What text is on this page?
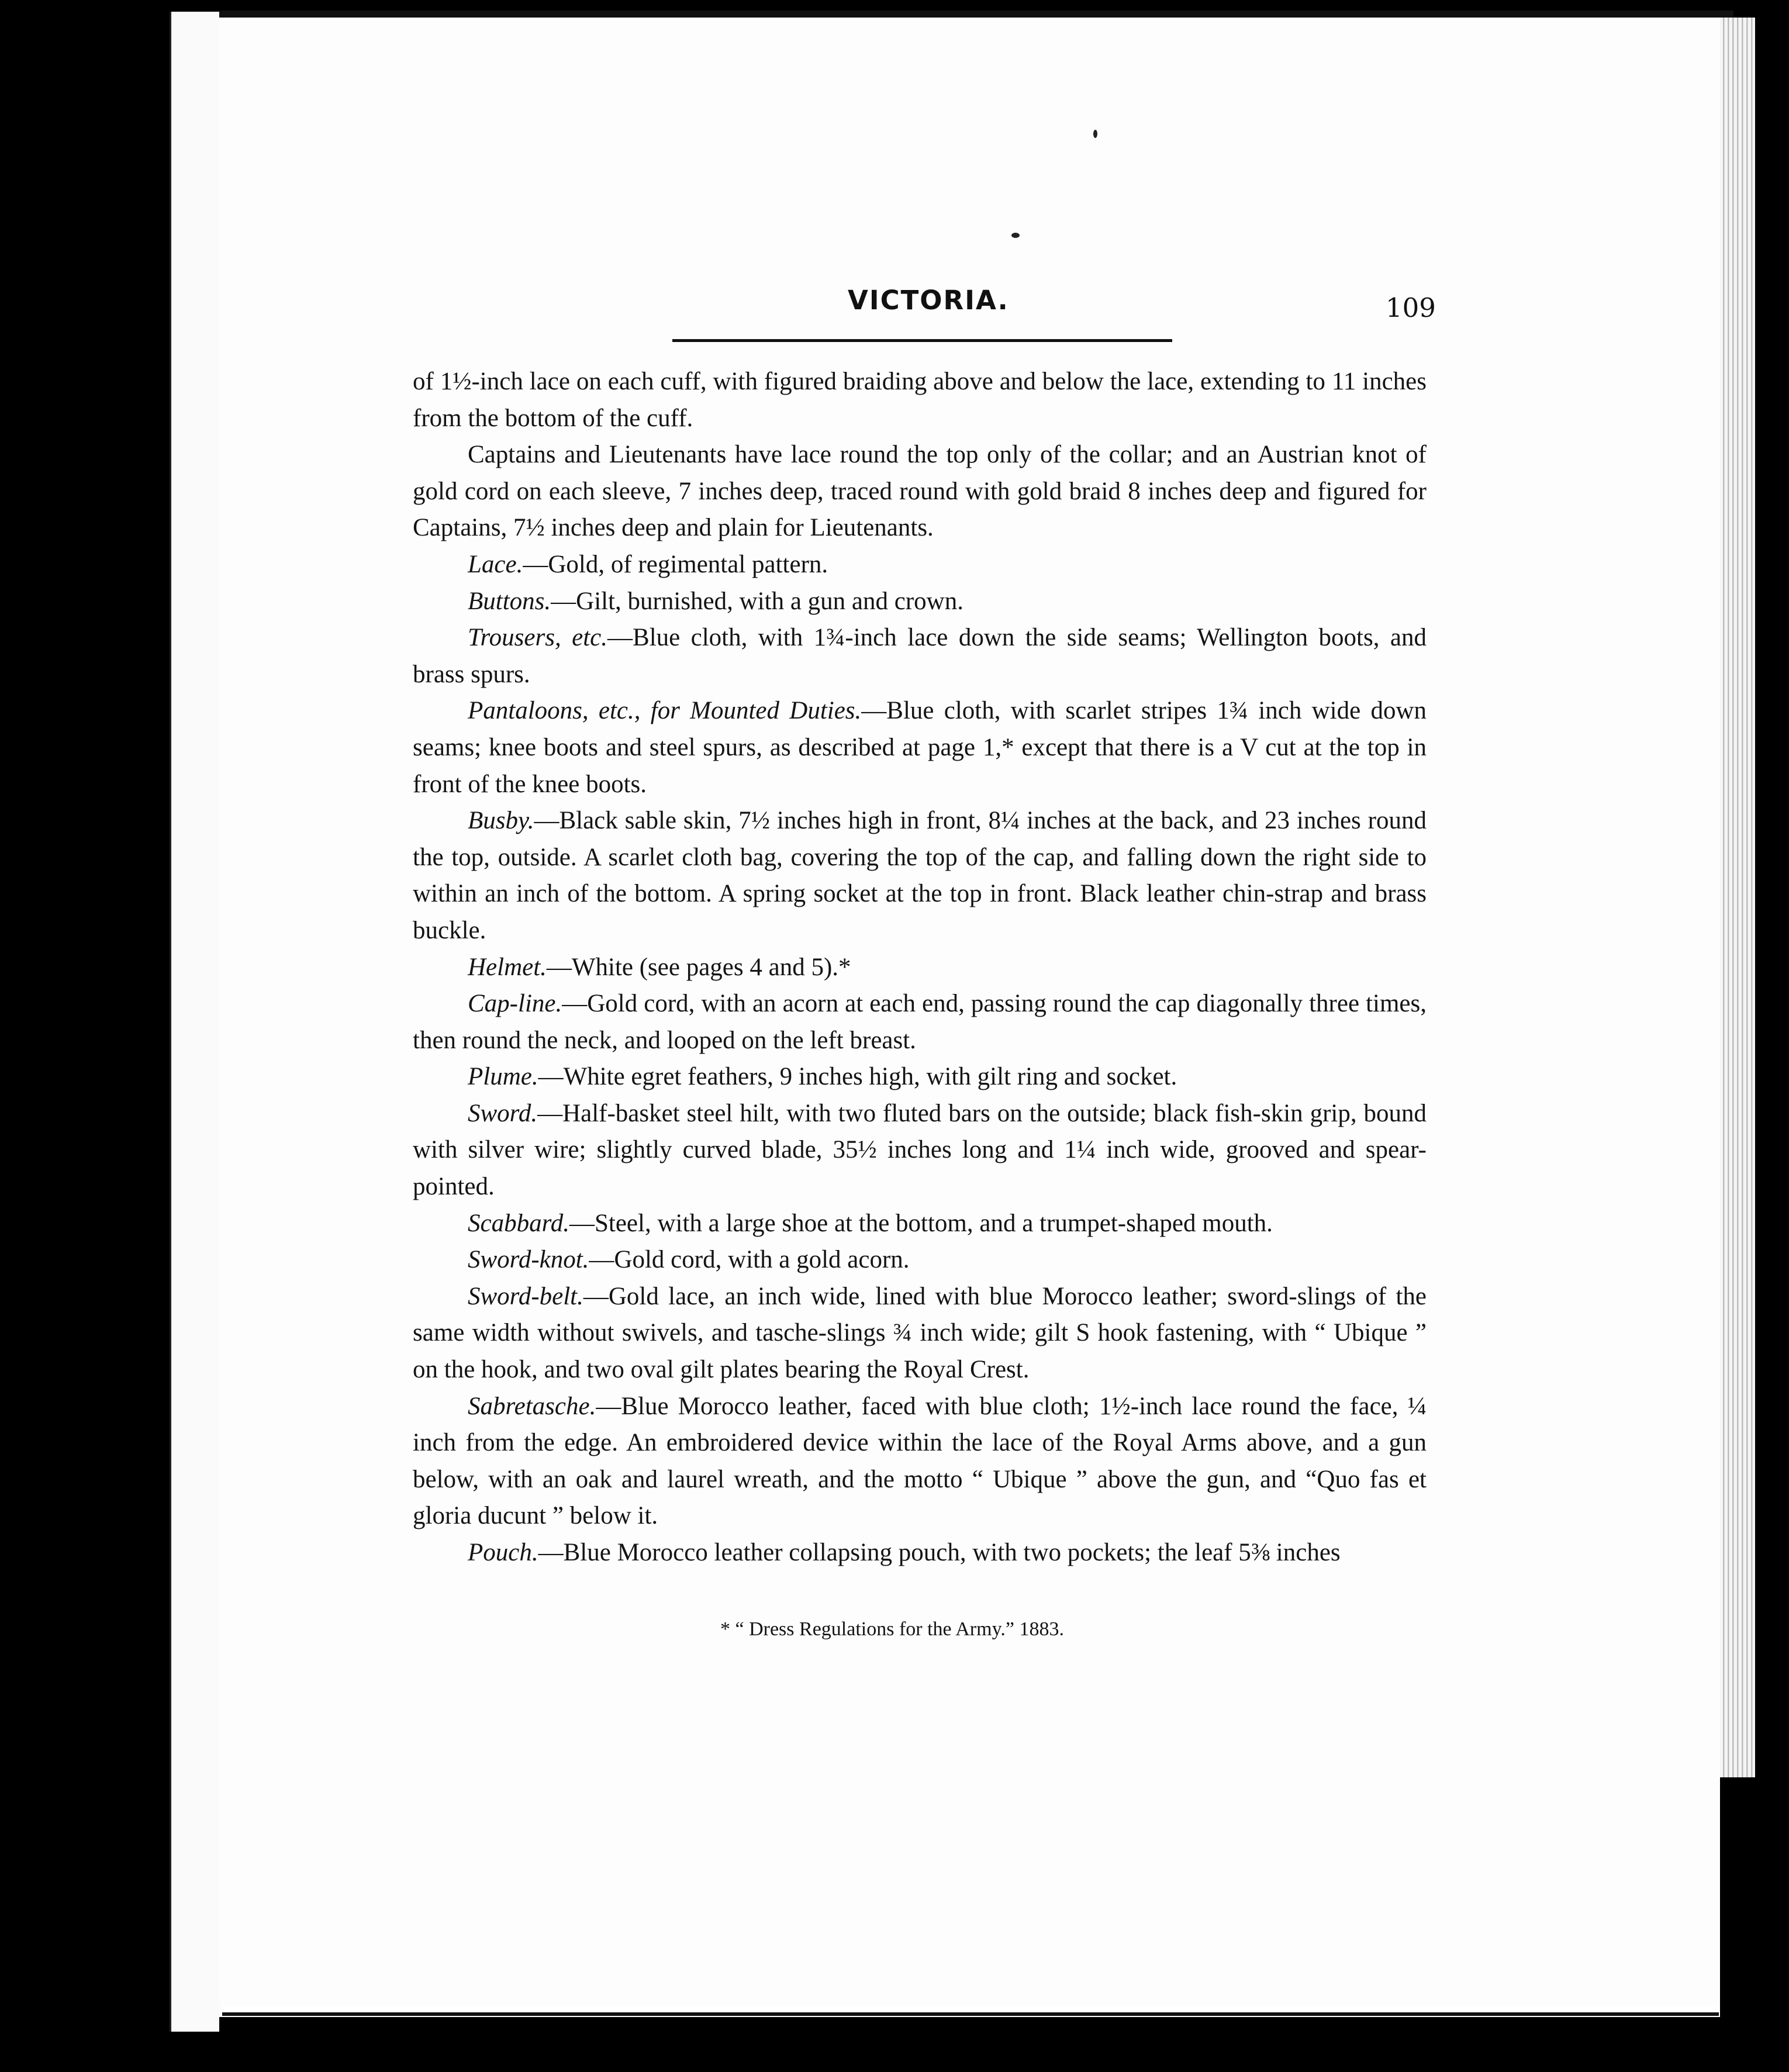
VICTORIA.	109

of 1½-inch lace on each cuff, with figured braiding above and below the lace, extending to 11 inches from the bottom of the cuff.

Captains and Lieutenants have lace round the top only of the collar; and an Austrian knot of gold cord on each sleeve, 7 inches deep, traced round with gold braid 8 inches deep and figured for Captains, 7½ inches deep and plain for Lieutenants.

Lace.—Gold, of regimental pattern.

Buttons.—Gilt, burnished, with a gun and crown.

Trousers, etc.—Blue cloth, with 1¾-inch lace down the side seams; Wellington boots, and brass spurs.

Pantaloons, etc., for Mounted Duties.—Blue cloth, with scarlet stripes 1¾ inch wide down seams; knee boots and steel spurs, as described at page 1,* except that there is a V cut at the top in front of the knee boots.

Busby.—Black sable skin, 7½ inches high in front, 8¼ inches at the back, and 23 inches round the top, outside. A scarlet cloth bag, covering the top of the cap, and falling down the right side to within an inch of the bottom. A spring socket at the top in front. Black leather chin-strap and brass buckle.

Helmet.—White (see pages 4 and 5).*

Cap-line.—Gold cord, with an acorn at each end, passing round the cap diagonally three times, then round the neck, and looped on the left breast.

Plume.—White egret feathers, 9 inches high, with gilt ring and socket.

Sword.—Half-basket steel hilt, with two fluted bars on the outside; black fish-skin grip, bound with silver wire; slightly curved blade, 35½ inches long and 1¼ inch wide, grooved and spear-pointed.

Scabbard.—Steel, with a large shoe at the bottom, and a trumpet-shaped mouth.

Sword-knot.—Gold cord, with a gold acorn.

Sword-belt.—Gold lace, an inch wide, lined with blue Morocco leather; sword-slings of the same width without swivels, and tasche-slings ¾ inch wide; gilt S hook fastening, with “ Ubique ” on the hook, and two oval gilt plates bearing the Royal Crest.

Sabretasche.—Blue Morocco leather, faced with blue cloth; 1½-inch lace round the face, ¼ inch from the edge. An embroidered device within the lace of the Royal Arms above, and a gun below, with an oak and laurel wreath, and the motto “ Ubique ” above the gun, and “Quo fas et gloria ducunt ” below it.

Pouch.—Blue Morocco leather collapsing pouch, with two pockets; the leaf 5⅜ inches

* “ Dress Regulations for the Army.” 1883.
